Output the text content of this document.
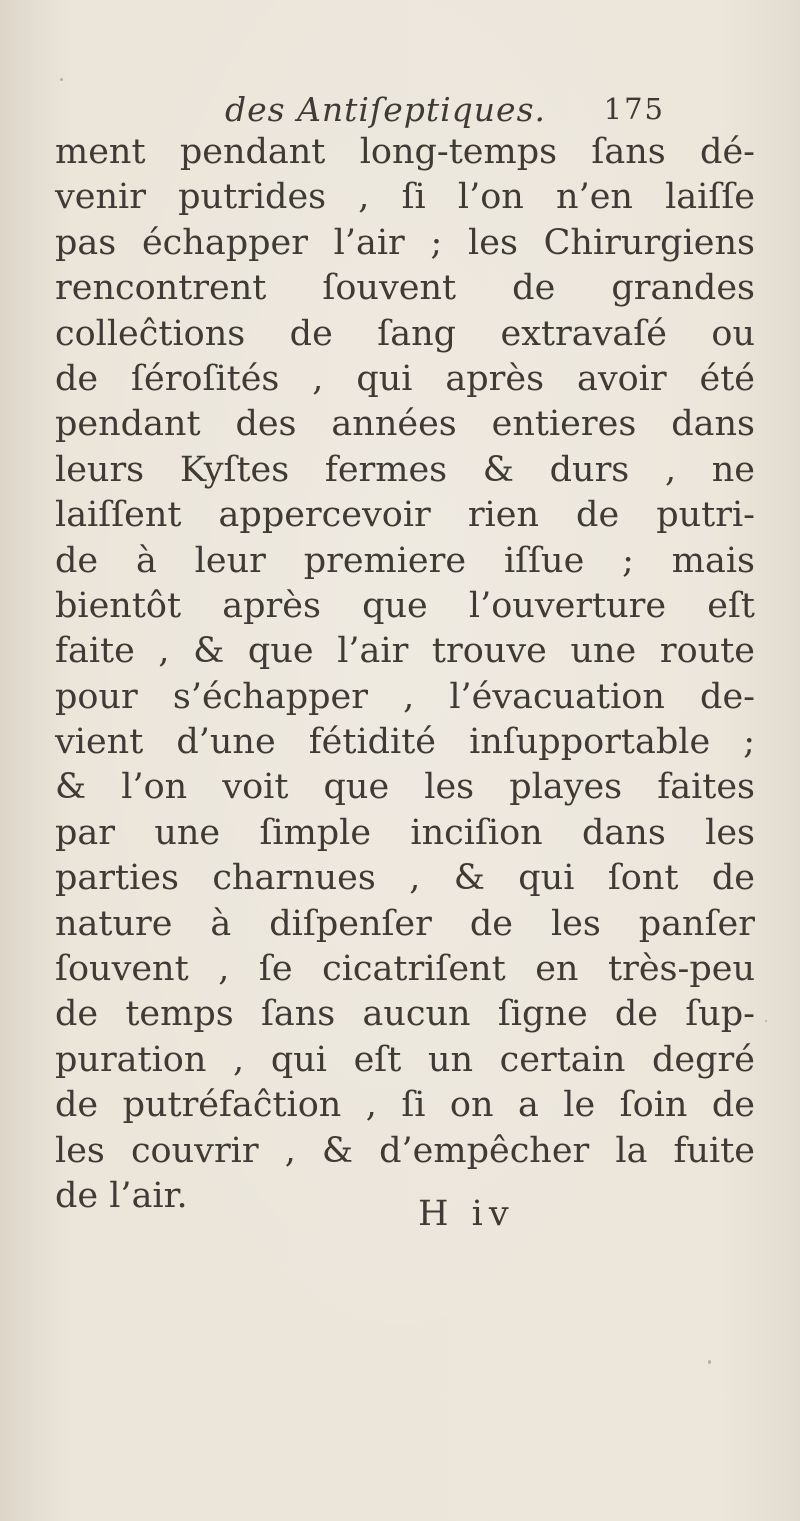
des Antiſeptiques. 175
ment pendant long-temps ſans dé-
venir putrides , ſi l’on n’en laiſſe
pas échapper l’air ; les Chirurgiens
rencontrent ſouvent de grandes
colleĉtions de ſang extravaſé ou
de ſéroſités , qui après avoir été
pendant des années entieres dans
leurs Kyſtes fermes & durs , ne
laiſſent appercevoir rien de putri-
de à leur premiere iſſue ; mais
bientôt après que l’ouverture eſt
faite , & que l’air trouve une route
pour s’échapper , l’évacuation de-
vient d’une fétidité inſupportable ;
& l’on voit que les playes faites
par une ſimple inciſion dans les
parties charnues , & qui ſont de
nature à diſpenſer de les panſer
ſouvent , ſe cicatriſent en très-peu
de temps ſans aucun ſigne de ſup-
puration , qui eſt un certain degré
de putréfaĉtion , ſi on a le ſoin de
les couvrir , & d’empêcher la fuite
de l’air.	H iv
